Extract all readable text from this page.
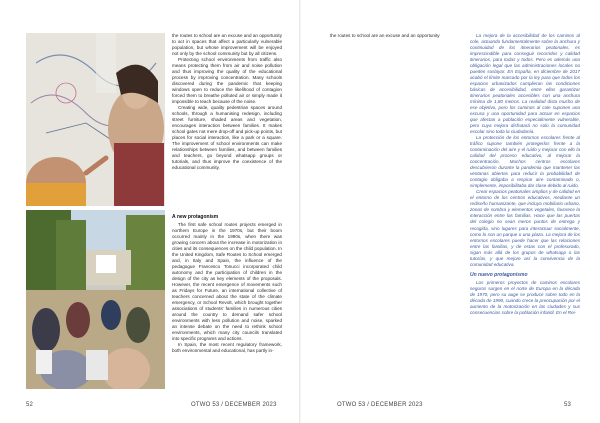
the routes to school are an excuse and an opportunity to act in spaces that affect a particularly vulnerable population, but whose improvement will be enjoyed not only by the school community but by all citizens.

Protecting school environments from traffic also means protecting them from air and noise pollution and thus improving the quality of the educational process by improving concentration. Many schools discovered during the pandemic that keeping windows open to reduce the likelihood of contagion forced them to breathe polluted air or simply made it impossible to teach because of the noise.

Creating wide, quality pedestrian spaces around schools, through a humanising redesign, including street furniture, shaded areas and vegetation, encourages interaction between families. It makes school gates not mere drop-off and pick-up points, but places for social interaction, like a park or a square. The improvement of school environments can make relationships between families, and between families and teachers, go beyond whatsapp groups or tutorials, and thus improve the coexistence of the educational community.

52	OTWO 53 / DECEMBER 2023
A new protagonism

The first safe school routes projects emerged in northern Europe in the 1970s, but their boom occurred mainly in the 1990s, when there was growing concern about the increase in motorization in cities and its consequences on the child population. In the United Kingdom, Safe Routes to School emerged and, in Italy and Spain, the influence of the pedagogue Francesco Tonucci incorporated child autonomy and the participation of children in the design of the city as key elements of the proposals. However, the recent emergence of movements such as Fridays for Future, an international collective of teachers concerned about the state of the climate emergency, or School Revolt, which brought together associations of students' families in numerous cities around the country to demand safer school environments with less pollution and noise, sparked an intense debate on the need to rethink school environments, which many city councils translated into specific programs and actions.

In Spain, the most recent regulatory framework, both environmental and educational, has partly in-

La mejora de la accesibilidad de los caminos al cole, actuando fundamentalmente sobre la anchura y continuidad de los itinerarios peatonales, es imprescindible para conseguir recorridos y calidad itinerarios, para todas y todos. Pero es además una obligación legal que las administraciones locales no pueden soslayar. En España, en diciembre de 2017 acabó el límite marcado por la ley para que todos los espacios urbanizados cumplieran las condiciones básicas de accesibilidad, entre ellas garantizar itinerarios peatonales accesibles con una anchura mínima de 1,80 metros. La realidad dista mucho de ese objetivo, pero los caminos al cole suponen una excusa y una oportunidad para actuar en espacios que afectan a población especialmente vulnerable, pero cuya mejora disfrutará no solo la comunidad escolar sino toda la ciudadanía.

La protección de los entornos escolares frente al tráfico supone también protegerlos frente a la contaminación del aire y el ruido y mejorar con ello la calidad del proceso educativo, al mejorar la concentración. Muchos centros escolares descubrieron durante la pandemia que mantener las ventanas abiertas para reducir la probabilidad de contagio obligaba a respirar aire contaminado o, simplemente, imposibilitaba dar clase debido al ruido.

Crear espacios peatonales amplios y de calidad en el entorno de los centros educativos, mediante un rediseño humanizante, que incluya mobiliario urbano, zonas de sombra y elementos vegetales, favorece la interacción entre las familias. Hace que las puertas del colegio no sean meros puntos de entrega y recogida, sino lugares para interactuar socialmente, como lo son un parque o una plaza. La mejora de los entornos escolares puede hacer que las relaciones entre las familias, y de estas con el profesorado, sigan más allá de los grupos de whatsapp o las tutorías, y que mejore así la convivencia de la comunidad educativa.

Un nuevo protagonismo

Los primeros proyectos de caminos escolares seguros surgen en el norte de Europa en la década de 1970, pero su auge se produce sobre todo en la década de 1990, cuando crece la preocupación por el aumento de la motorización en las ciudades y sus consecuencias sobre la población infantil. En el Rei-

the routes to school are an excuse and an opportunity

OTWO 53 / DECEMBER 2023	53
